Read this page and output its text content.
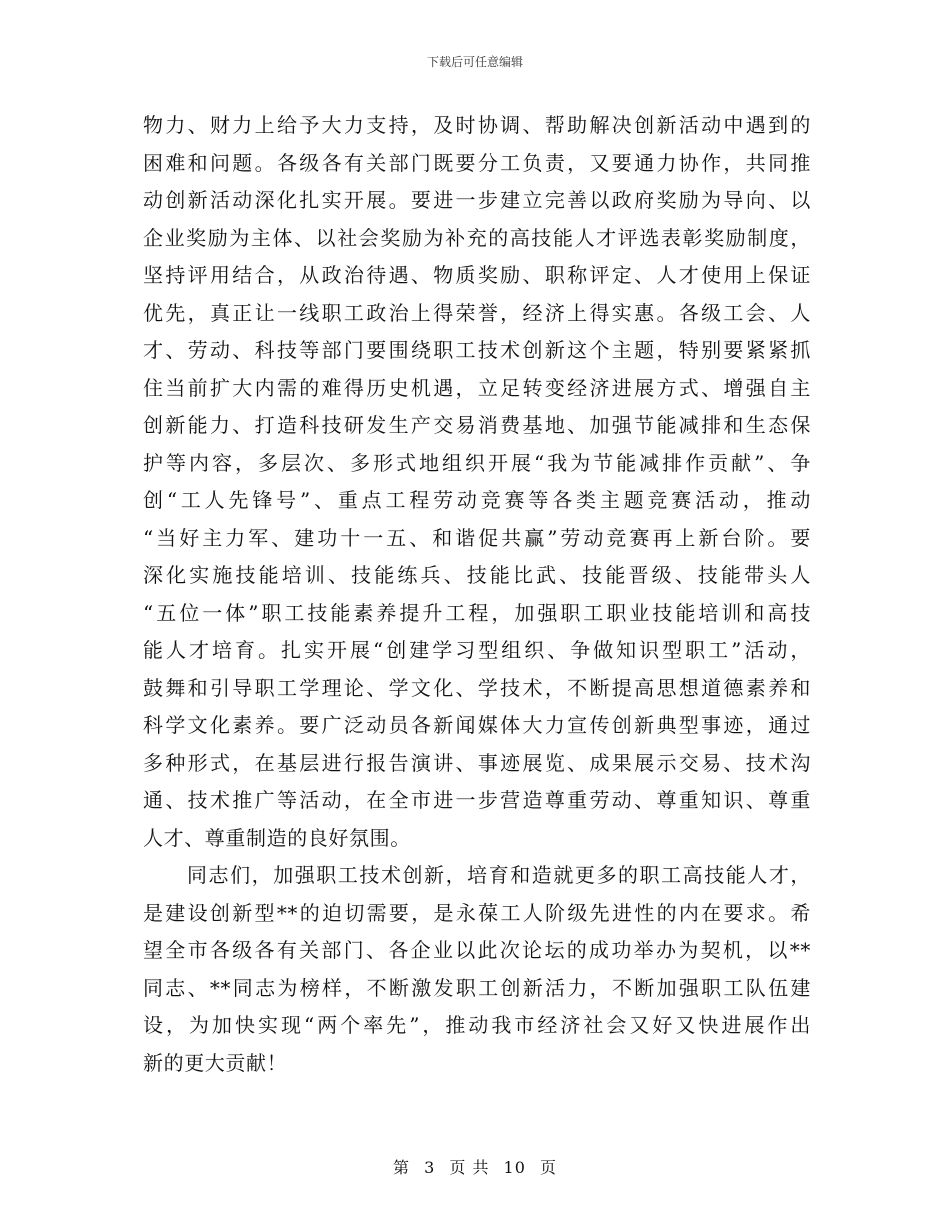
下载后可任意编辑
物力、财力上给予大力支持，及时协调、帮助解决创新活动中遇到的
困难和问题。各级各有关部门既要分工负责，又要通力协作，共同推
动创新活动深化扎实开展。要进一步建立完善以政府奖励为导向、以
企业奖励为主体、以社会奖励为补充的高技能人才评选表彰奖励制度，
坚持评用结合，从政治待遇、物质奖励、职称评定、人才使用上保证
优先，真正让一线职工政治上得荣誉，经济上得实惠。各级工会、人
才、劳动、科技等部门要围绕职工技术创新这个主题，特别要紧紧抓
住当前扩大内需的难得历史机遇，立足转变经济进展方式、增强自主
创新能力、打造科技研发生产交易消费基地、加强节能减排和生态保
护等内容，多层次、多形式地组织开展“我为节能减排作贡献”、争
创“工人先锋号”、重点工程劳动竞赛等各类主题竞赛活动，推动
“当好主力军、建功十一五、和谐促共赢”劳动竞赛再上新台阶。要
深化实施技能培训、技能练兵、技能比武、技能晋级、技能带头人
“五位一体”职工技能素养提升工程，加强职工职业技能培训和高技
能人才培育。扎实开展“创建学习型组织、争做知识型职工”活动，
鼓舞和引导职工学理论、学文化、学技术，不断提高思想道德素养和
科学文化素养。要广泛动员各新闻媒体大力宣传创新典型事迹，通过
多种形式，在基层进行报告演讲、事迹展览、成果展示交易、技术沟
通、技术推广等活动，在全市进一步营造尊重劳动、尊重知识、尊重
人才、尊重制造的良好氛围。
同志们，加强职工技术创新，培育和造就更多的职工高技能人才，
是建设创新型**的迫切需要，是永葆工人阶级先进性的内在要求。希
望全市各级各有关部门、各企业以此次论坛的成功举办为契机，以**
同志、**同志为榜样，不断激发职工创新活力，不断加强职工队伍建
设，为加快实现“两个率先”，推动我市经济社会又好又快进展作出
新的更大贡献！
第 3 页 共 10 页
